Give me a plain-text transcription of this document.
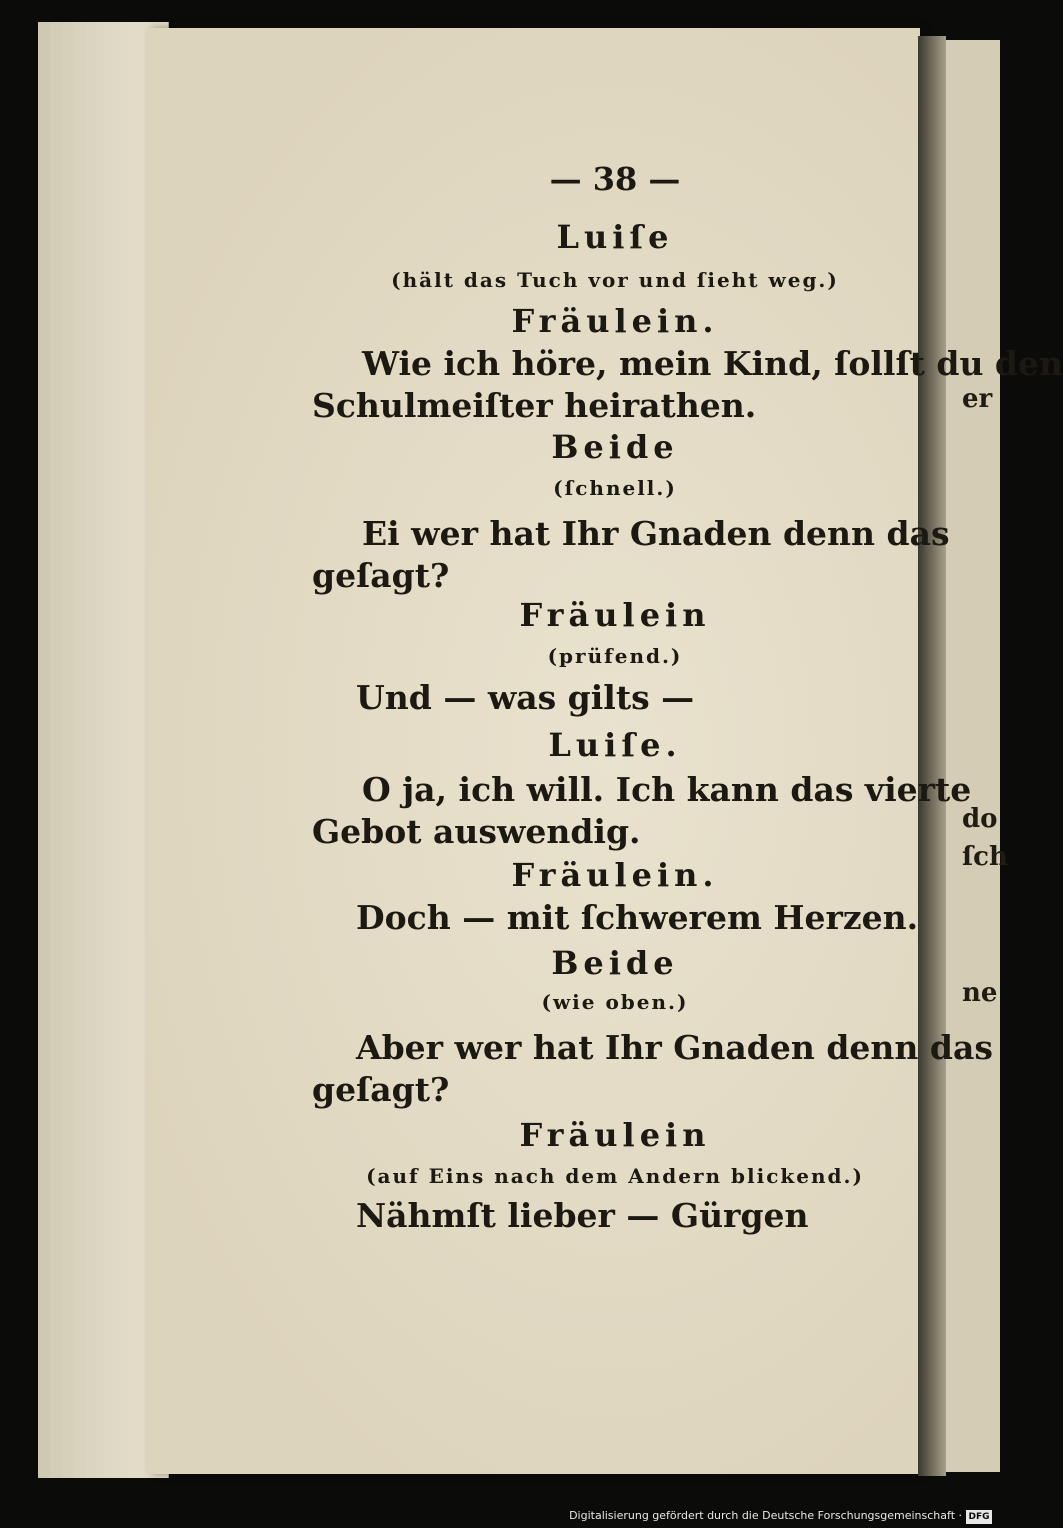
er
do
ſch
ne
— 38 —
Luiſe
(hält das Tuch vor und ſieht weg.)
Fräulein.
Wie ich höre, mein Kind, ſollſt du den
Schulmeiſter heirathen.
Beide
(ſchnell.)
Ei wer hat Ihr Gnaden denn das
geſagt?
Fräulein
(prüfend.)
Und — was gilts —
Luiſe.
O ja, ich will. Ich kann das vierte
Gebot auswendig.
Fräulein.
Doch — mit ſchwerem Herzen.
Beide
(wie oben.)
Aber wer hat Ihr Gnaden denn das
geſagt?
Fräulein
(auf Eins nach dem Andern blickend.)
Nähmſt lieber — Gürgen
Digitalisierung gefördert durch die Deutsche Forschungsgemeinschaft · DFG
